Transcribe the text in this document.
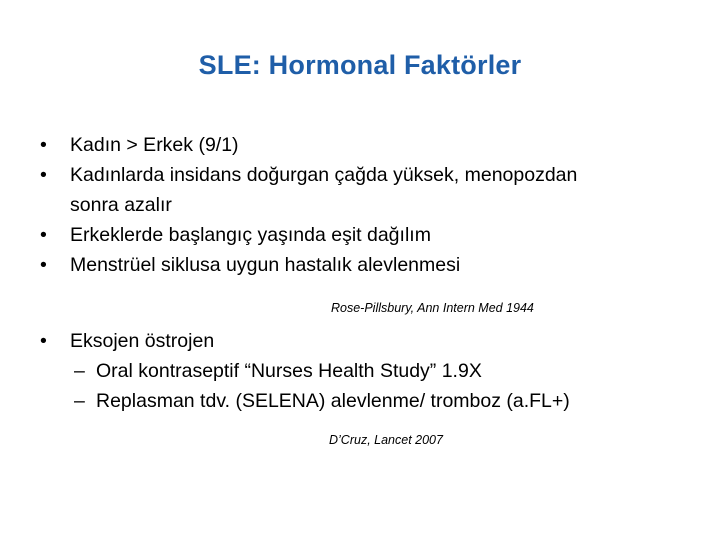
SLE: Hormonal Faktörler
•	Kadın > Erkek (9/1)
•	Kadınlarda insidans doğurgan çağda yüksek, menopozdan sonra azalır
•	Erkeklerde başlangıç yaşında eşit dağılım
•	Menstrüel siklusa uygun hastalık alevlenmesi
Rose-Pillsbury, Ann Intern Med 1944
•	Eksojen östrojen
– Oral kontraseptif “Nurses Health Study” 1.9X
– Replasman tdv. (SELENA) alevlenme/ tromboz (a.FL+)
D’Cruz, Lancet 2007
